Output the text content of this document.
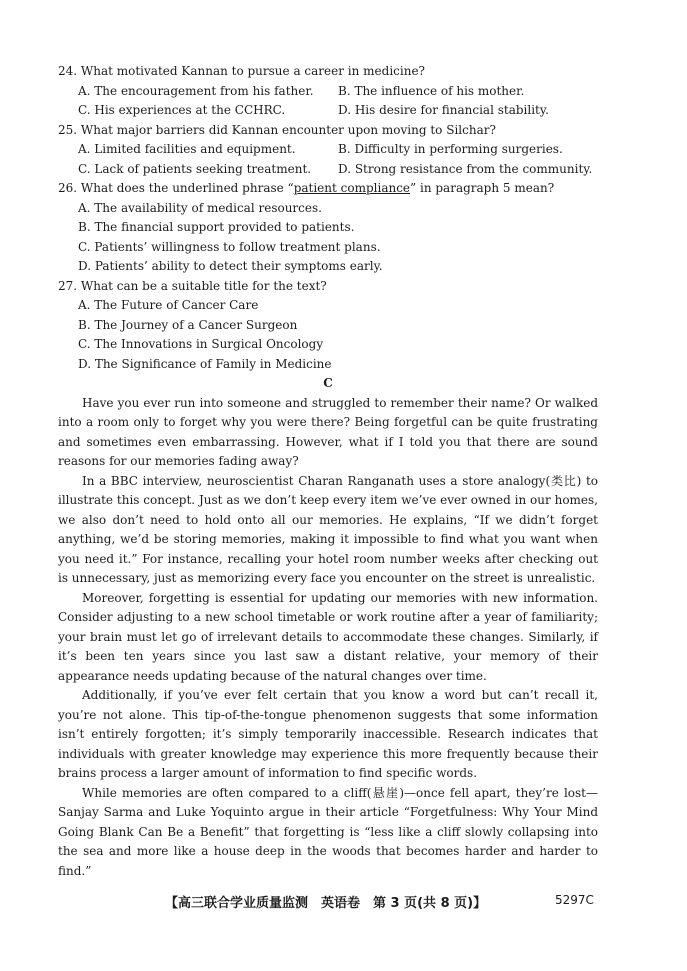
24. What motivated Kannan to pursue a career in medicine?

A. The encouragement from his father.	B. The influence of his mother.
C. His experiences at the CCHRC.	D. His desire for financial stability.

25. What major barriers did Kannan encounter upon moving to Silchar?

A. Limited facilities and equipment.	B. Difficulty in performing surgeries.
C. Lack of patients seeking treatment.	D. Strong resistance from the community.

26. What does the underlined phrase “patient compliance” in paragraph 5 mean?

A. The availability of medical resources.
B. The financial support provided to patients.
C. Patients’ willingness to follow treatment plans.
D. Patients’ ability to detect their symptoms early.

27. What can be a suitable title for the text?

A. The Future of Cancer Care
B. The Journey of a Cancer Surgeon
C. The Innovations in Surgical Oncology
D. The Significance of Family in Medicine

C

Have you ever run into someone and struggled to remember their name? Or walked into a room only to forget why you were there? Being forgetful can be quite frustrating and sometimes even embarrassing. However, what if I told you that there are sound reasons for our memories fading away?

In a BBC interview, neuroscientist Charan Ranganath uses a store analogy(类比) to illustrate this concept. Just as we don’t keep every item we’ve ever owned in our homes, we also don’t need to hold onto all our memories. He explains, “If we didn’t forget anything, we’d be storing memories, making it impossible to find what you want when you need it.” For instance, recalling your hotel room number weeks after checking out is unnecessary, just as memorizing every face you encounter on the street is unrealistic.

Moreover, forgetting is essential for updating our memories with new information. Consider adjusting to a new school timetable or work routine after a year of familiarity; your brain must let go of irrelevant details to accommodate these changes. Similarly, if it’s been ten years since you last saw a distant relative, your memory of their appearance needs updating because of the natural changes over time.

Additionally, if you’ve ever felt certain that you know a word but can’t recall it, you’re not alone. This tip-of-the-tongue phenomenon suggests that some information isn’t entirely forgotten; it’s simply temporarily inaccessible. Research indicates that individuals with greater knowledge may experience this more frequently because their brains process a larger amount of information to find specific words.

While memories are often compared to a cliff(悬崖)—once fell apart, they’re lost—Sanjay Sarma and Luke Yoquinto argue in their article “Forgetfulness: Why Your Mind Going Blank Can Be a Benefit” that forgetting is “less like a cliff slowly collapsing into the sea and more like a house deep in the woods that becomes harder and harder to find.”

【高三联合学业质量监测　英语卷　第 3 页(共 8 页)】	5297C
